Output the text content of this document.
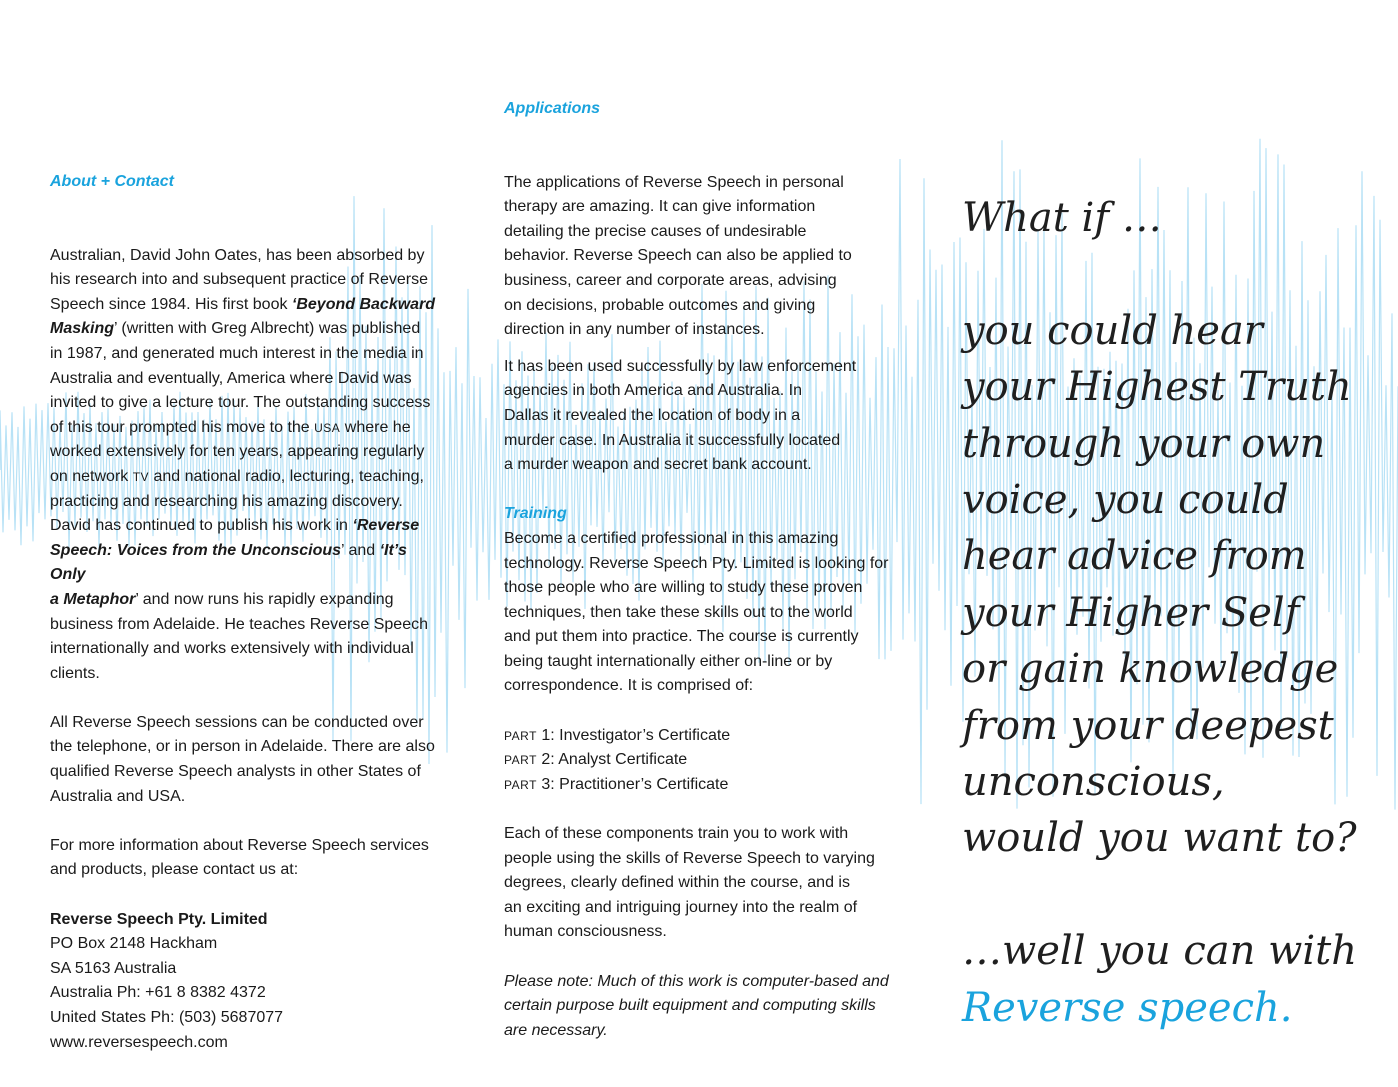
About + Contact

Australian, David John Oates, has been absorbed by
his research into and subsequent practice of Reverse
Speech since 1984. His first book ‘Beyond Backward
Masking’ (written with Greg Albrecht) was published
in 1987, and generated much interest in the media in
Australia and eventually, America where David was
invited to give a lecture tour. The outstanding success
of this tour prompted his move to the USA where he
worked extensively for ten years, appearing regularly
on network TV and national radio, lecturing, teaching,
practicing and researching his amazing discovery.
David has continued to publish his work in ‘Reverse
Speech: Voices from the Unconscious’ and ‘It’s Only
a Metaphor’ and now runs his rapidly expanding
business from Adelaide. He teaches Reverse Speech
internationally and works extensively with individual
clients.

All Reverse Speech sessions can be conducted over
the telephone, or in person in Adelaide. There are also
qualified Reverse Speech analysts in other States of
Australia and USA.

For more information about Reverse Speech services
and products, please contact us at:

Reverse Speech Pty. Limited
PO Box 2148 Hackham
SA 5163 Australia
Australia Ph: +61 8 8382 4372
United States Ph: (503) 5687077
www.reversespeech.com

Applications

The applications of Reverse Speech in personal
therapy are amazing. It can give information
detailing the precise causes of undesirable
behavior. Reverse Speech can also be applied to
business, career and corporate areas, advising
on decisions, probable outcomes and giving
direction in any number of instances.

It has been used successfully by law enforcement
agencies in both America and Australia. In
Dallas it revealed the location of body in a
murder case. In Australia it successfully located
a murder weapon and secret bank account.

Training

Become a certified professional in this amazing
technology. Reverse Speech Pty. Limited is looking for
those people who are willing to study these proven
techniques, then take these skills out to the world
and put them into practice. The course is currently
being taught internationally either on-line or by
correspondence. It is comprised of:

PART 1: Investigator’s Certificate
PART 2: Analyst Certificate
PART 3: Practitioner’s Certificate

Each of these components train you to work with
people using the skills of Reverse Speech to varying
degrees, clearly defined within the course, and is
an exciting and intriguing journey into the realm of
human consciousness.

Please note: Much of this work is computer-based and
certain purpose built equipment and computing skills
are necessary.

What if …

you could hear

your Highest Truth

through your own

voice, you could

hear advice from

your Higher Self

or gain knowledge

from your deepest

unconscious,

would you want to?

…well you can with

Reverse speech.
